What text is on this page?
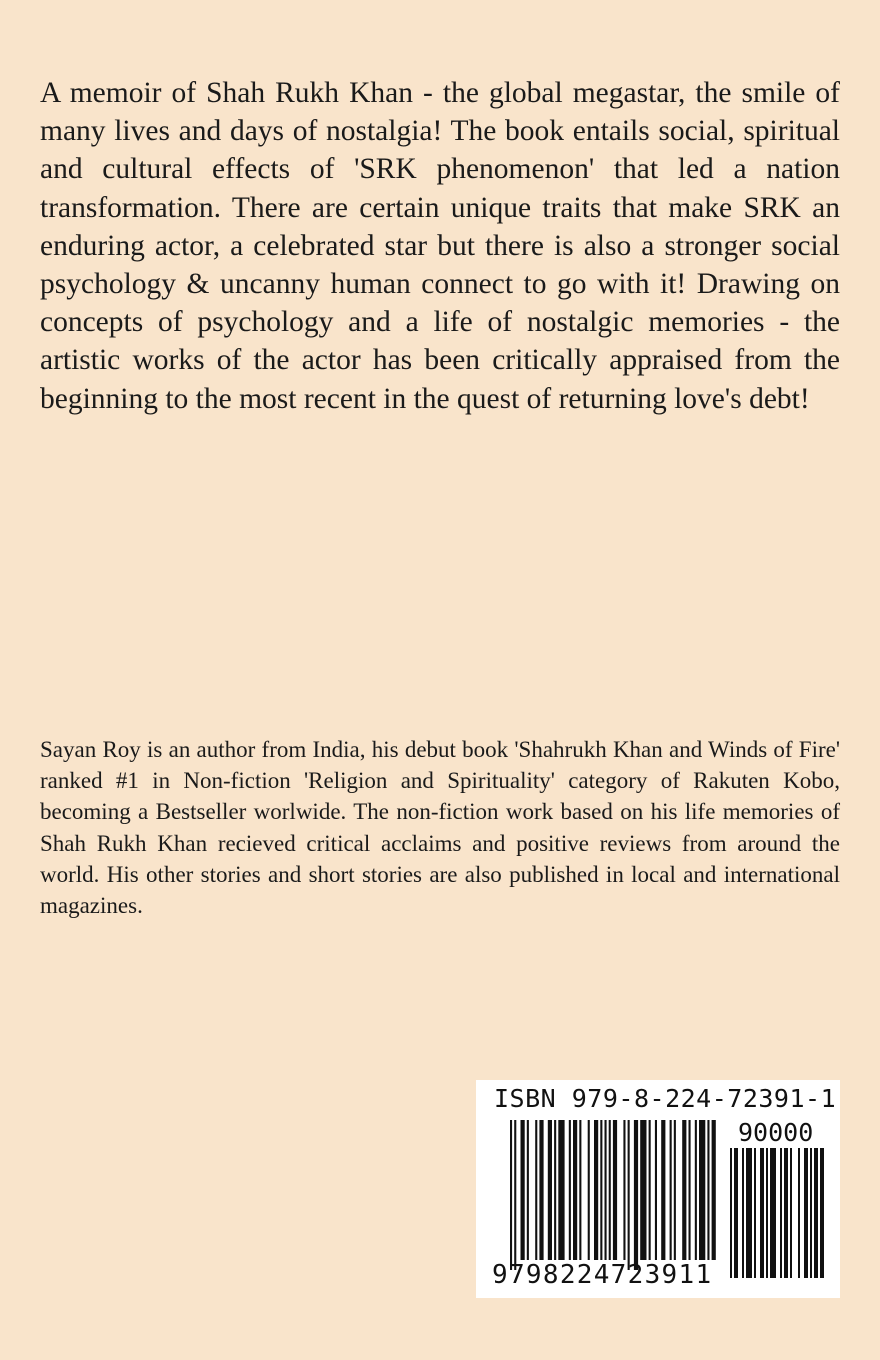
A memoir of Shah Rukh Khan - the global megastar, the smile of many lives and days of nostalgia! The book entails social, spiritual and cultural effects of 'SRK phenomenon' that led a nation transformation. There are certain unique traits that make SRK an enduring actor, a celebrated star but there is also a stronger social psychology & uncanny human connect to go with it! Drawing on concepts of psychology and a life of nostalgic memories - the artistic works of the actor has been critically appraised from the beginning to the most recent in the quest of returning love's debt!

Sayan Roy is an author from India, his debut book 'Shahrukh Khan and Winds of Fire' ranked #1 in Non-fiction 'Religion and Spirituality' category of Rakuten Kobo, becoming a Bestseller worlwide. The non-fiction work based on his life memories of Shah Rukh Khan recieved critical acclaims and positive reviews from around the world. His other stories and short stories are also published in local and international magazines.

ISBN 979-8-224-72391-1
90000
9798224723911
